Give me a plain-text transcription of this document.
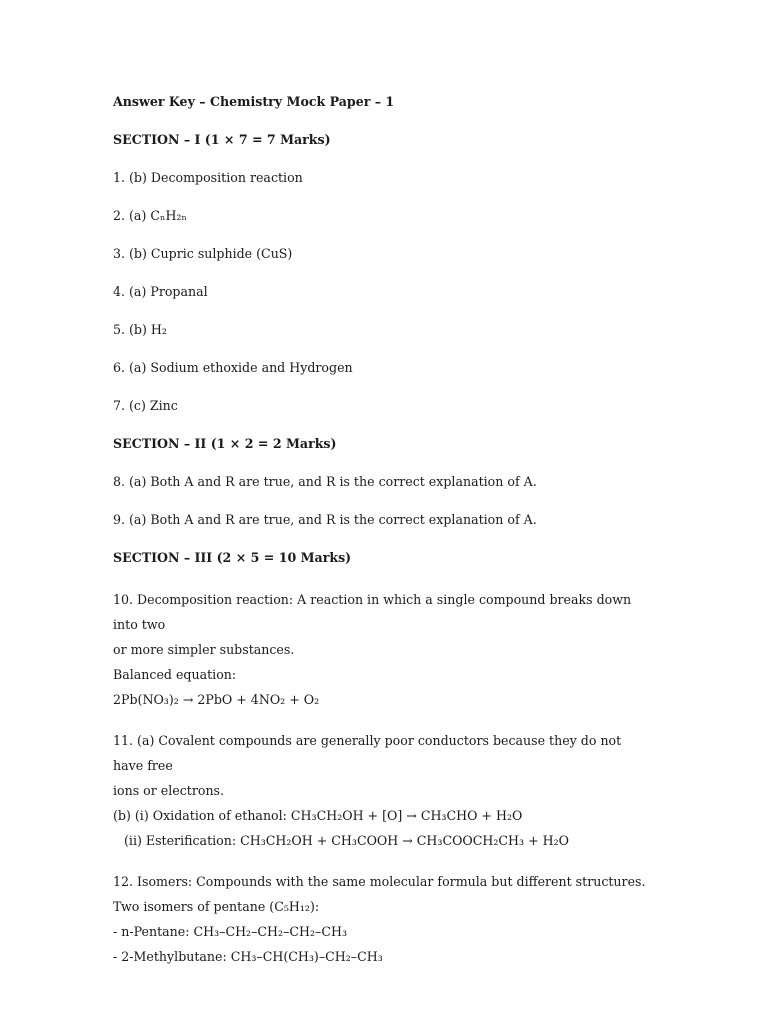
Answer Key – Chemistry Mock Paper – 1
SECTION – I (1 × 7 = 7 Marks)
1. (b) Decomposition reaction
2. (a) CₙH₂ₙ
3. (b) Cupric sulphide (CuS)
4. (a) Propanal
5. (b) H₂
6. (a) Sodium ethoxide and Hydrogen
7. (c) Zinc
SECTION – II (1 × 2 = 2 Marks)
8. (a) Both A and R are true, and R is the correct explanation of A.
9. (a) Both A and R are true, and R is the correct explanation of A.
SECTION – III (2 × 5 = 10 Marks)
10. Decomposition reaction: A reaction in which a single compound breaks down into two
or more simpler substances.
Balanced equation:
2Pb(NO₃)₂ → 2PbO + 4NO₂ + O₂
11. (a) Covalent compounds are generally poor conductors because they do not have free
ions or electrons.
(b) (i) Oxidation of ethanol: CH₃CH₂OH + [O] → CH₃CHO + H₂O
(ii) Esterification: CH₃CH₂OH + CH₃COOH → CH₃COOCH₂CH₃ + H₂O
12. Isomers: Compounds with the same molecular formula but different structures.
Two isomers of pentane (C₅H₁₂):
- n-Pentane: CH₃–CH₂–CH₂–CH₂–CH₃
- 2-Methylbutane: CH₃–CH(CH₃)–CH₂–CH₃
